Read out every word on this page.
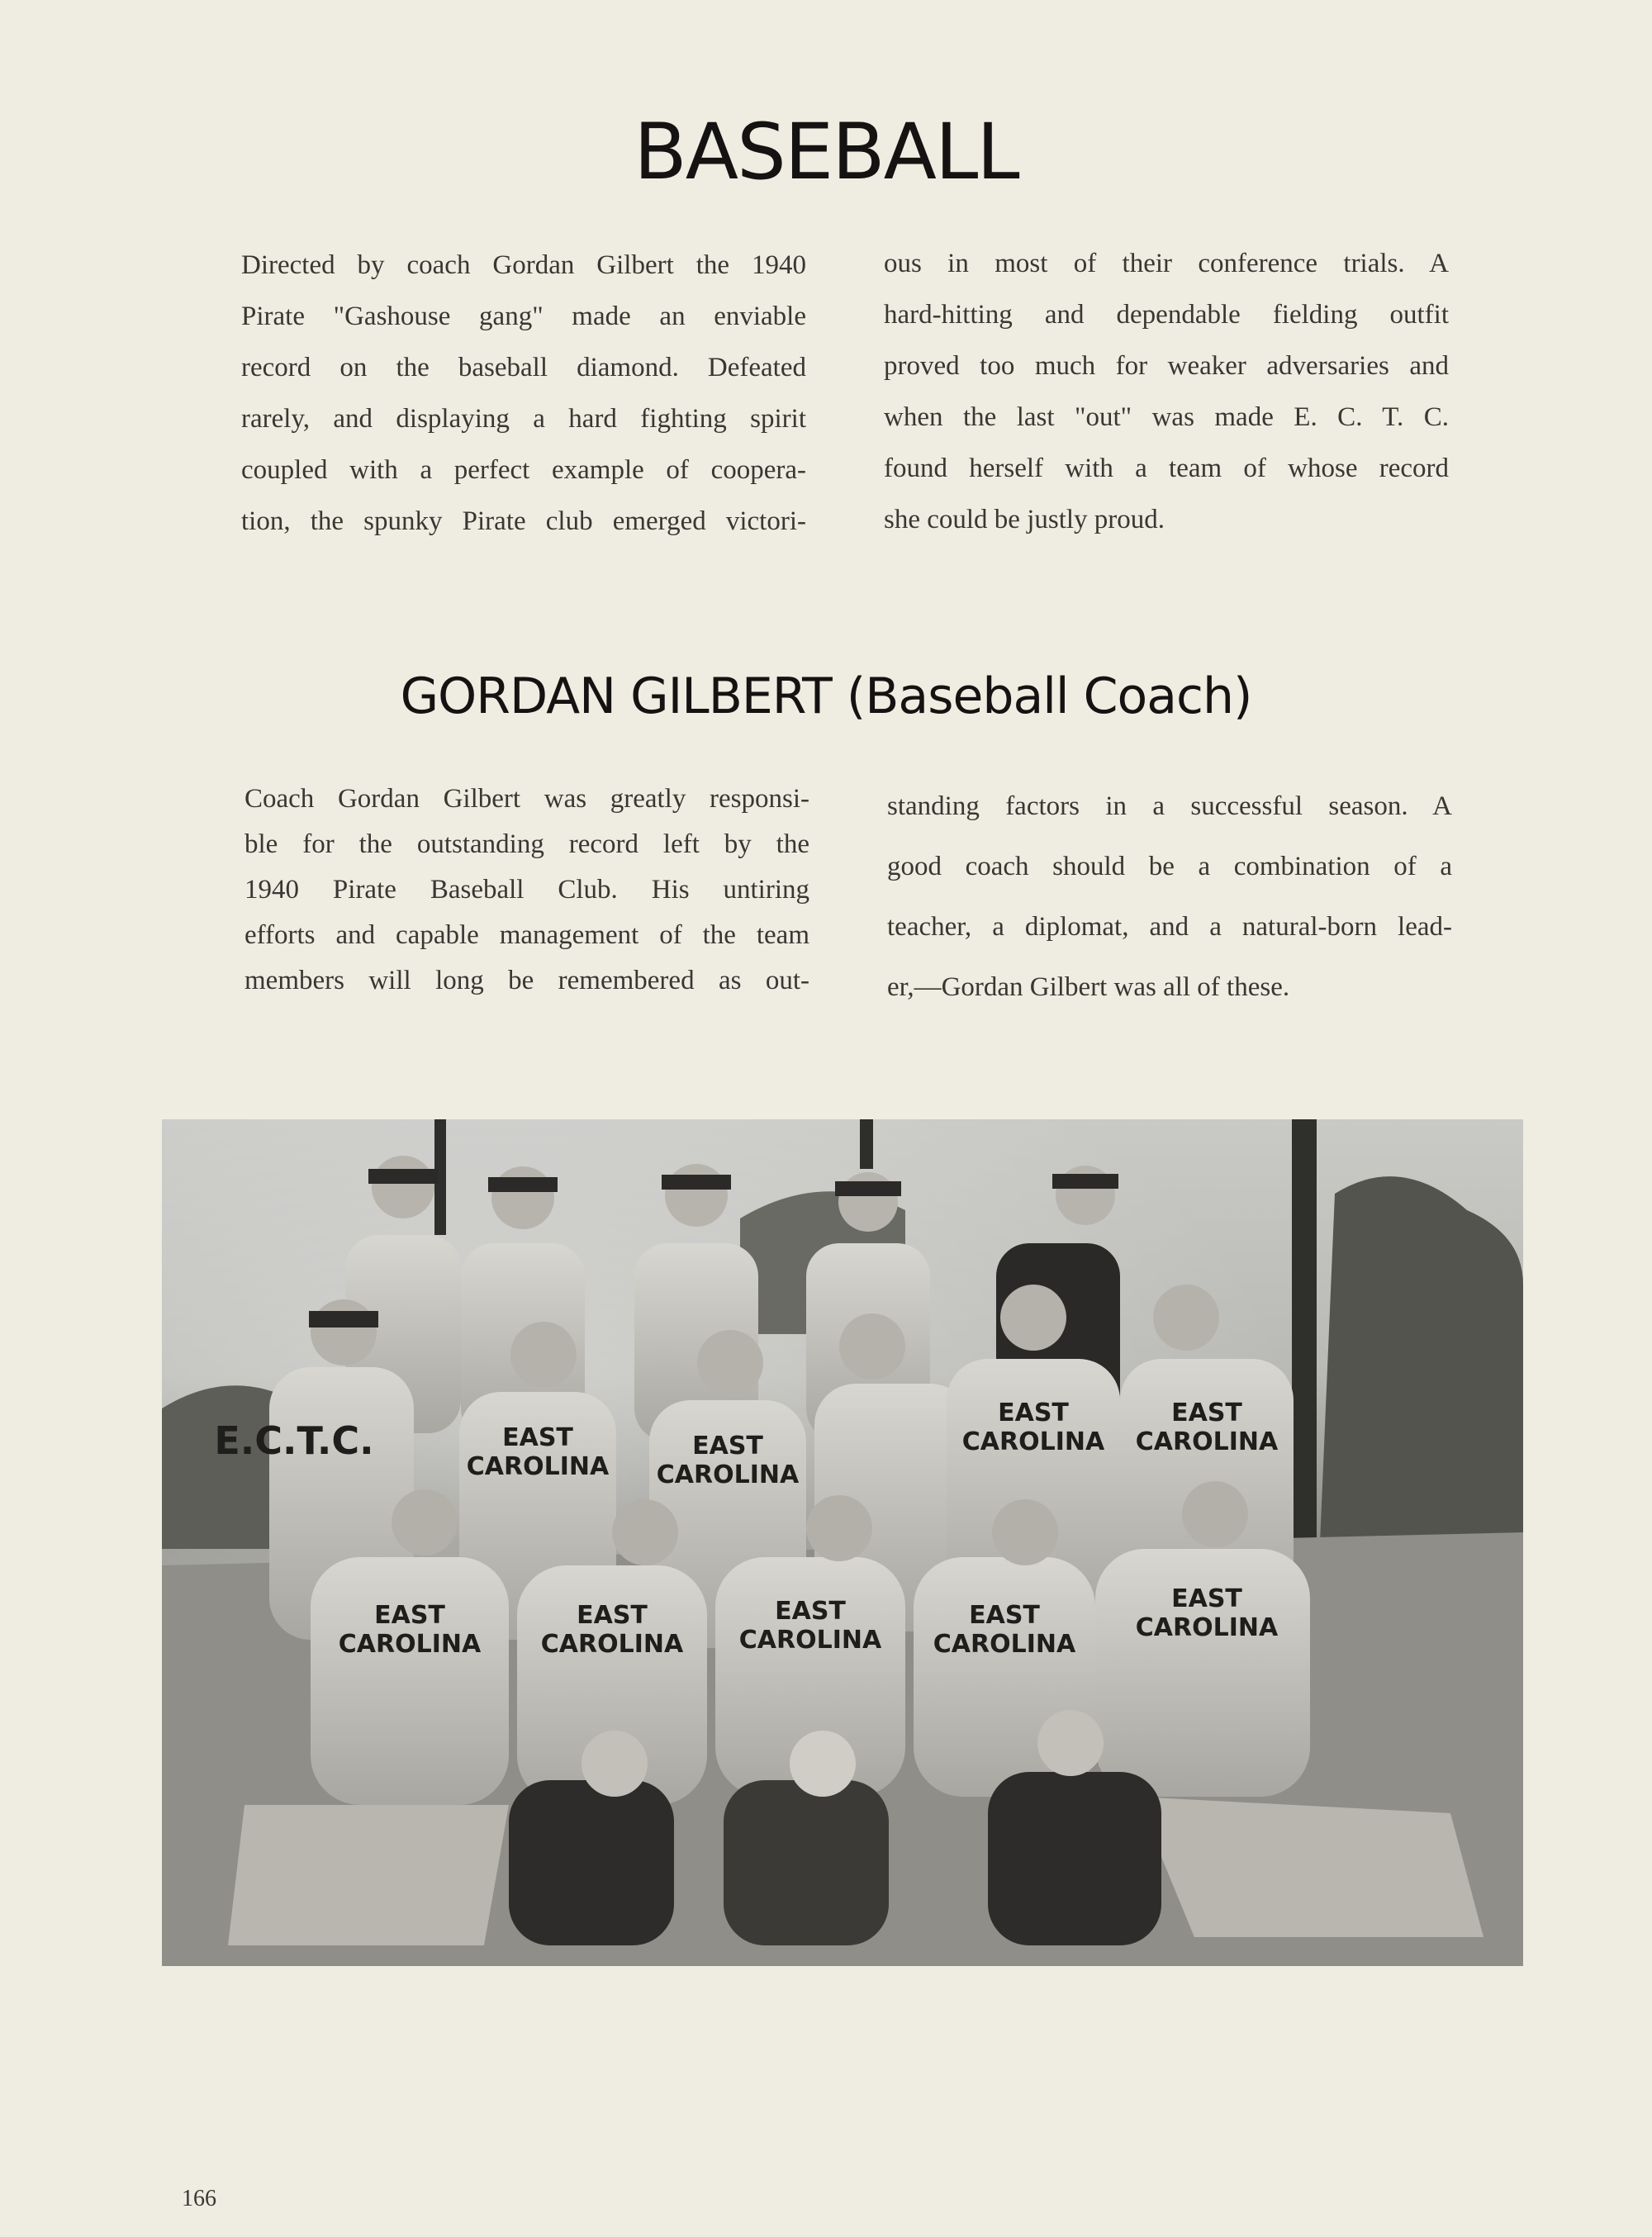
BASEBALL
Directed by coach Gordan Gilbert the 1940
Pirate "Gashouse gang" made an enviable
record on the baseball diamond. Defeated
rarely, and displaying a hard fighting spirit
coupled with a perfect example of coopera-
tion, the spunky Pirate club emerged victori-
ous in most of their conference trials. A
hard-hitting and dependable fielding outfit
proved too much for weaker adversaries and
when the last "out" was made E. C. T. C.
found herself with a team of whose record
she could be justly proud.
GORDAN GILBERT (Baseball Coach)
Coach Gordan Gilbert was greatly responsi-
ble for the outstanding record left by the
1940 Pirate Baseball Club. His untiring
efforts and capable management of the team
members will long be remembered as out-
standing factors in a successful season. A
good coach should be a combination of a
teacher, a diplomat, and a natural-born lead-
er,—Gordan Gilbert was all of these.
E.C.T.C.	EAST
CAROLINA
EAST
CAROLINA
EAST
CAROLINA
EAST
CAROLINA
EAST
CAROLINA
EAST
CAROLINA
EAST
CAROLINA
EAST
CAROLINA
EAST
CAROLINA
166
